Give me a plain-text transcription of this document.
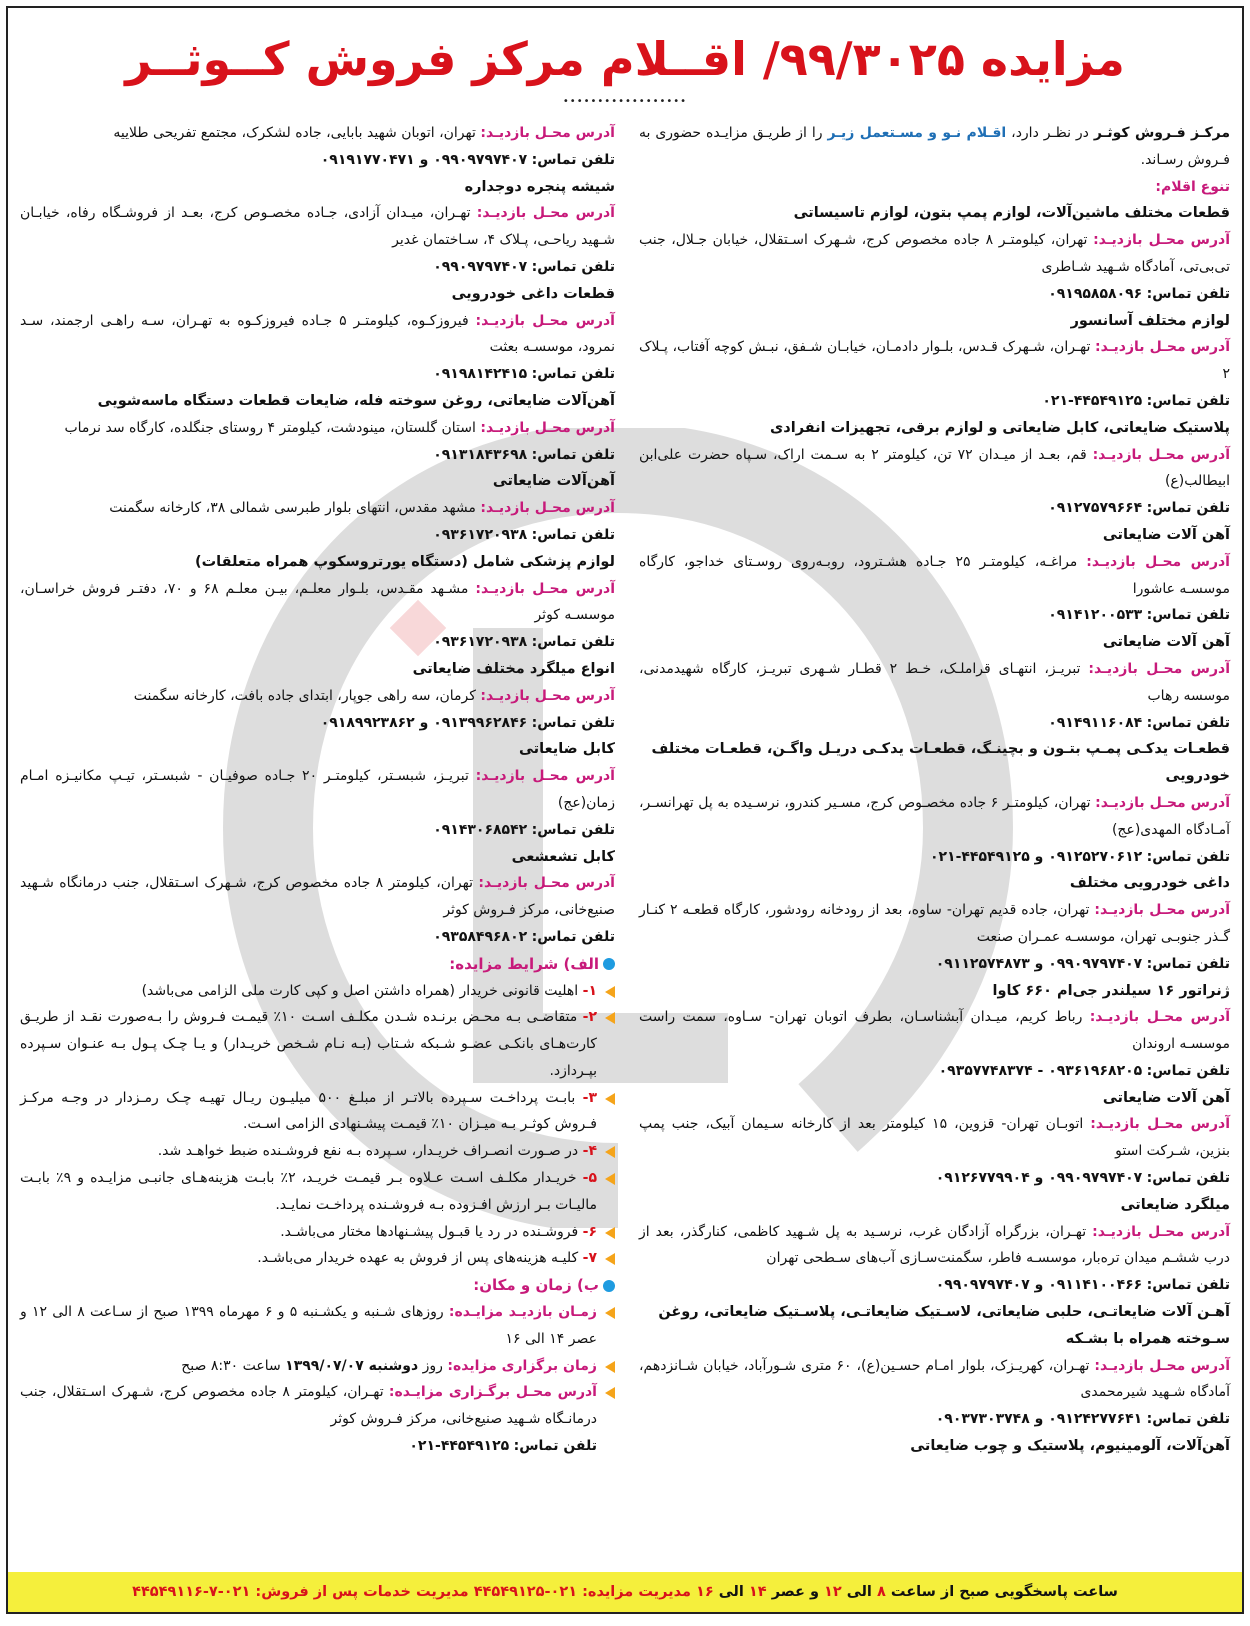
مزایده ۹۹/۳۰۲۵/ اقــلام مرکز فروش کــوثــر
••••••••••••••••••
مرکـز فـروش کوثـر در نظـر دارد، اقـلام نـو و مسـتعمل زیـر را از طریـق مزایـده حضوری به فـروش رسـاند.
تنوع اقلام:
قطعات مختلف ماشین‌آلات، لوازم پمپ بتون، لوازم تاسیساتی
آدرس محـل بازدیـد: تهران، کیلومتـر ۸ جاده مخصوص کرج، شـهرک اسـتقلال، خیابان جـلال، جنب تی‌بی‌تی، آمادگاه شـهید شـاطری
تلفن تماس: ۰۹۱۹۵۸۵۸۰۹۶
لوازم مختلف آسانسور
آدرس محـل بازدیـد: تهـران، شـهرک قـدس، بلـوار دادمـان، خیابـان شـفق، نبـش کوچه آفتاب، پـلاک ۲
تلفن تماس: ۴۴۵۴۹۱۲۵-۰۲۱
پلاستیک ضایعاتی، کابل ضایعاتی و لوازم برقی، تجهیزات انفرادی
آدرس محـل بازدیـد: قم، بعـد از میـدان ۷۲ تن، کیلومتر ۲ به سـمت اراک، سـپاه حضرت علی‌ابن ابیطالب(ع)
تلفن تماس: ۰۹۱۲۷۵۷۹۶۶۴
آهن آلات ضایعاتی
آدرس محـل بازدیـد: مراغـه، کیلومتـر ۲۵ جـاده هشـترود، روبـه‌روی روسـتای خداجو، کارگاه موسسـه عاشورا
تلفن تماس: ۰۹۱۴۱۲۰۰۵۳۳
آهن آلات ضایعاتی
آدرس محـل بازدیـد: تبریـز، انتهـای قراملـک، خـط ۲ قطـار شـهری تبریـز، کارگاه شهیدمدنی، موسسه رهاب
تلفن تماس: ۰۹۱۴۹۱۱۶۰۸۴
قطعـات یدکـی پمـپ بتـون و بچینـگ، قطعـات یدکـی دریـل واگـن، قطعـات مختلف خودرویی
آدرس محـل بازدیـد: تهران، کیلومتـر ۶ جاده مخصـوص کرج، مسـیر کندرو، نرسـیده به پل تهرانسـر، آمـادگاه المهدی(عج)
تلفن تماس: ۰۹۱۲۵۲۷۰۶۱۲ و ۴۴۵۴۹۱۲۵-۰۲۱
داغی خودرویی مختلف
آدرس محـل بازدیـد: تهران، جاده قدیم تهران- ساوه، بعد از رودخانه رودشور، کارگاه قطعـه ۲ کنـار گـذر جنوبـی تهران، موسسـه عمـران صنعت
تلفن تماس: ۰۹۹۰۹۷۹۷۴۰۷ و ۰۹۱۱۲۵۷۴۸۷۳
ژنراتور ۱۶ سیلندر جی‌ام ۶۶۰ کاوا
آدرس محـل بازدیـد: رباط کریم، میـدان آبشناسـان، بطرف اتوبان تهران- سـاوه، سمت راست موسسـه اروندان
تلفن تماس: ۰۹۳۶۱۹۶۸۲۰۵ - ۰۹۳۵۷۷۴۸۳۷۴
آهن آلات ضایعاتی
آدرس محـل بازدیـد: اتوبـان تهران- قزوین، ۱۵ کیلومتر بعد از کارخانه سـیمان آبیک، جنب پمپ بنزین، شـرکت استو
تلفن تماس: ۰۹۹۰۹۷۹۷۴۰۷ و ۰۹۱۲۶۷۷۹۹۰۴
میلگرد ضایعاتی
آدرس محـل بازدیـد: تهـران، بزرگراه آزادگان غرب، نرسـید به پل شـهید کاظمی، کنارگذر، بعد از درب ششـم میدان تره‌بار، موسسـه فاطر، سگمنت‌سـازی آب‌های سـطحی تهران
تلفن تماس: ۰۹۱۱۴۱۰۰۴۶۶ و ۰۹۹۰۹۷۹۷۴۰۷
آهـن آلات ضایعاتـی، حلبی ضایعاتی، لاسـتیک ضایعاتـی، پلاسـتیک ضایعاتی، روغن سـوخته همراه با بشـکه
آدرس محـل بازدیـد: تهـران، کهریـزک، بلوار امـام حسـین(ع)، ۶۰ متری شـورآباد، خیابان شـانزدهم، آمادگاه شـهید شیرمحمدی
تلفن تماس: ۰۹۱۲۴۲۷۷۶۴۱ و ۰۹۰۳۷۳۰۳۷۴۸
آهن‌آلات، آلومینیوم، پلاستیک و چوب ضایعاتی
آدرس محـل بازدیـد: تهران، اتوبان شهید بابایی، جاده لشکرک، مجتمع تفریحی طلاییه
تلفن تماس: ۰۹۹۰۹۷۹۷۴۰۷ و ۰۹۱۹۱۷۷۰۴۷۱
شیشه پنجره دوجداره
آدرس محـل بازدیـد: تهـران، میـدان آزادی، جـاده مخصـوص کرج، بعـد از فروشـگاه رفاه، خیابـان شـهید ریاحـی، پـلاک ۴، سـاختمان غدیر
تلفن تماس: ۰۹۹۰۹۷۹۷۴۰۷
قطعات داغی خودرویی
آدرس محـل بازدیـد: فیروزکـوه، کیلومتـر ۵ جـاده فیروزکـوه به تهـران، سـه راهـی ارجمند، سـد نمرود، موسسـه بعثت
تلفن تماس: ۰۹۱۹۸۱۴۲۴۱۵
آهن‌آلات ضایعاتی، روغن سوخته فله، ضایعات قطعات دستگاه ماسه‌شویی
آدرس محـل بازدیـد: استان گلستان، مینودشت، کیلومتر ۴ روستای جنگلده، کارگاه سد نرماب
تلفن تماس: ۰۹۱۳۱۸۴۳۶۹۸
آهن‌آلات ضایعاتی
آدرس محـل بازدیـد: مشهد مقدس، انتهای بلوار طبرسی شمالی ۳۸، کارخانه سگمنت
تلفن تماس: ۰۹۳۶۱۷۲۰۹۳۸
لوازم پزشکی شامل (دستگاه یورتروسکوپ همراه متعلقات)
آدرس محـل بازدیـد: مشـهد مقـدس، بلـوار معلـم، بیـن معلـم ۶۸ و ۷۰، دفتـر فروش خراسـان، موسسـه کوثر
تلفن تماس: ۰۹۳۶۱۷۲۰۹۳۸
انواع میلگرد مختلف ضایعاتی
آدرس محـل بازدیـد: کرمان، سه راهی جوپار، ابتدای جاده بافت، کارخانه سگمنت
تلفن تماس: ۰۹۱۳۹۹۶۲۸۴۶ و ۰۹۱۸۹۹۲۳۸۶۲
کابل ضایعاتی
آدرس محـل بازدیـد: تبریـز، شبسـتر، کیلومتـر ۲۰ جـاده صوفیـان - شبسـتر، تیـپ مکانیـزه امـام زمان(عج)
تلفن تماس: ۰۹۱۴۳۰۶۸۵۴۲
کابل تشعشعی
آدرس محـل بازدیـد: تهران، کیلومتر ۸ جاده مخصوص کرج، شـهرک اسـتقلال، جنب درمانگاه شـهید صنیع‌خانی، مرکز فـروش کوثر
تلفن تماس: ۰۹۳۵۸۴۹۶۸۰۲
الف) شرایط مزایده:
۱- اهلیت قانونی خریدار (همراه داشتن اصل و کپی کارت ملی الزامی می‌باشد)
۲- متقاضـی بـه محـض برنـده شـدن مکلـف اسـت ۱۰٪ قیمـت فـروش را بـه‌صورت نقـد از طریـق کارت‌هـای بانکـی عضـو شـبکه شـتاب (بـه نـام شـخص خریـدار) و یـا چـک پـول بـه عنـوان سـپرده بپـردازد.
۳- بابـت پرداخـت سـپرده بالاتـر از مبلـغ ۵۰۰ میلیـون ریـال تهیـه چـک رمـزدار در وجـه مرکـز فـروش کوثـر بـه میـزان ۱۰٪ قیمـت پیشـنهادی الزامی اسـت.
۴- در صـورت انصـراف خریـدار، سـپرده بـه نفع فروشـنده ضبط خواهـد شد.
۵- خریـدار مکلـف اسـت عـلاوه بـر قیمـت خریـد، ۲٪ بابـت هزینه‌هـای جانبـی مزایـده و ۹٪ بابـت مالیـات بـر ارزش افـزوده بـه فروشـنده پرداخـت نمایـد.
۶- فروشـنده در رد یا قبـول پیشـنهادها مختار می‌باشـد.
۷- کلیـه هزینه‌های پس از فروش به عهده خریدار می‌باشـد.
ب) زمان و مکان:
زمـان بازدیـد مزایـده: روزهای شـنبه و یکشـنبه ۵ و ۶ مهرماه ۱۳۹۹ صبح از سـاعت ۸ الی ۱۲ و عصر ۱۴ الی ۱۶
زمان برگزاری مزایده: روز دوشنبه ۱۳۹۹/۰۷/۰۷ ساعت ۸:۳۰ صبح
آدرس محـل برگـزاری مزایـده: تهـران، کیلومتر ۸ جاده مخصوص کرج، شـهرک اسـتقلال، جنب درمانـگاه شـهید صنیع‌خانی، مرکز فـروش کوثر
تلفن تماس: ۴۴۵۴۹۱۲۵-۰۲۱
ساعت پاسخگویی صبح از ساعت

۸

الی

۱۲

و عصر

۱۴

الی

۱۶

مدیریت مزایده:

۴۴۵۴۹۱۲۵-۰۲۱

مدیریت خدمات پس از فروش:

۴۴۵۴۹۱۱۶-۷-۰۲۱
